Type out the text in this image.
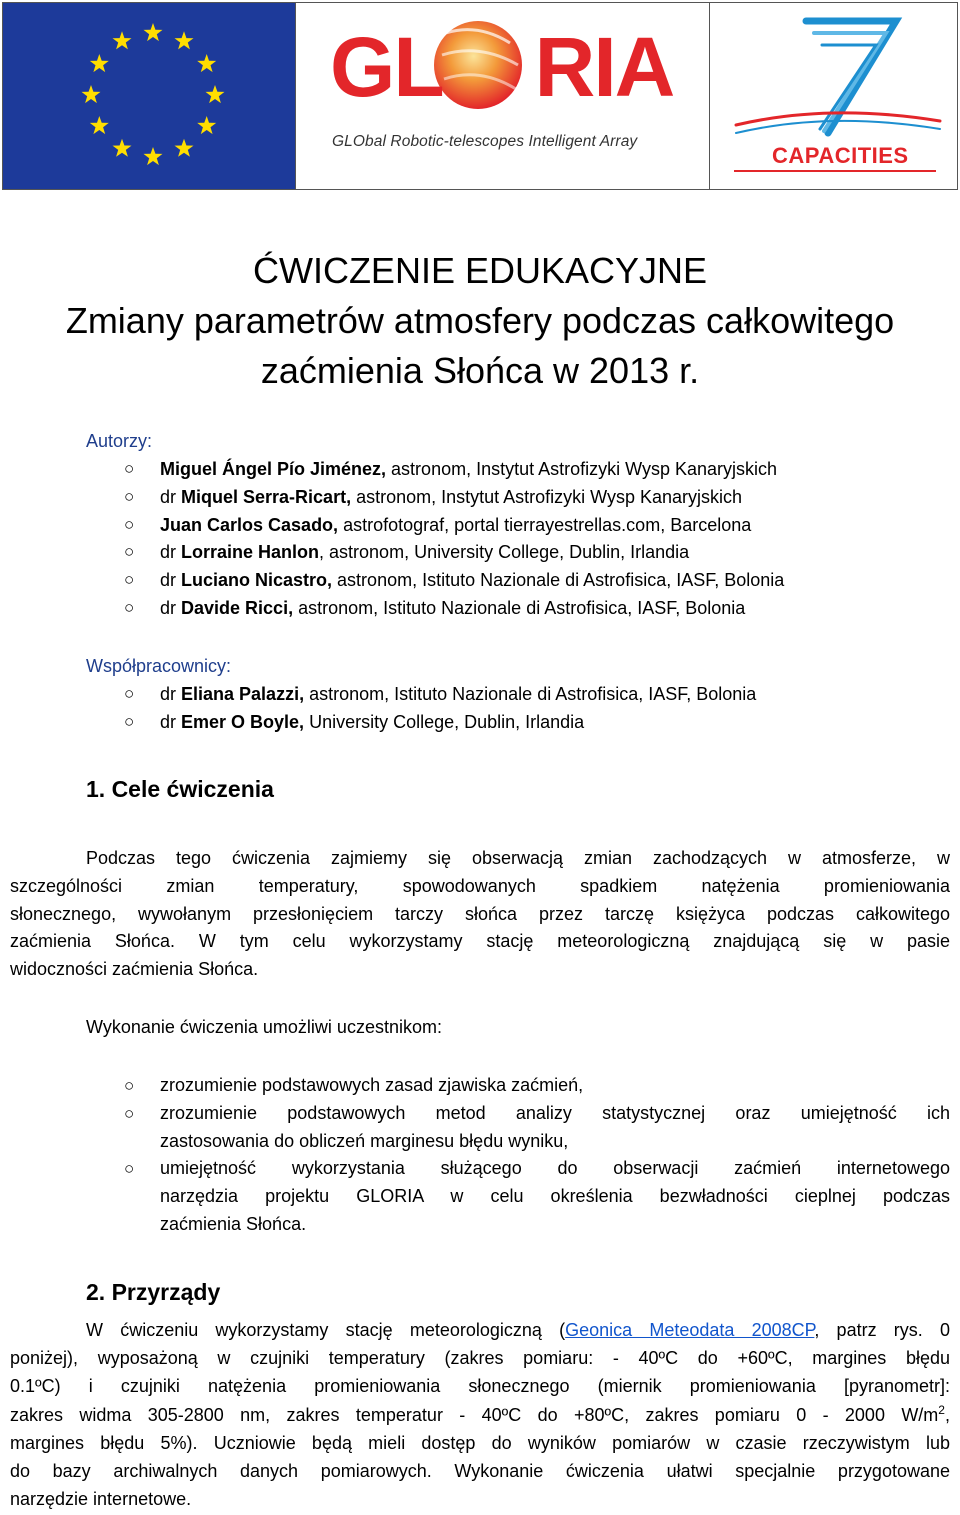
GL RIA
GLObal Robotic-telescopes Intelligent Array
CAPACITIES
ĆWICZENIE EDUKACYJNE
Zmiany parametrów atmosfery podczas całkowitego
zaćmienia Słońca w 2013 r.
Autorzy:
○ Miguel Ángel Pío Jiménez, astronom, Instytut Astrofizyki Wysp Kanaryjskich
○ dr Miquel Serra-Ricart, astronom, Instytut Astrofizyki Wysp Kanaryjskich
○ Juan Carlos Casado, astrofotograf, portal tierrayestrellas.com, Barcelona
○ dr Lorraine Hanlon, astronom, University College, Dublin, Irlandia
○ dr Luciano Nicastro, astronom, Istituto Nazionale di Astrofisica, IASF, Bolonia
○ dr Davide Ricci, astronom, Istituto Nazionale di Astrofisica, IASF, Bolonia
Współpracownicy:
○ dr Eliana Palazzi, astronom, Istituto Nazionale di Astrofisica, IASF, Bolonia
○ dr Emer O Boyle, University College, Dublin, Irlandia
1. Cele ćwiczenia
Podczas tego ćwiczenia zajmiemy się obserwacją zmian zachodzących w atmosferze, w
szczególności zmian temperatury, spowodowanych spadkiem natężenia promieniowania
słonecznego, wywołanym przesłonięciem tarczy słońca przez tarczę księżyca podczas całkowitego
zaćmienia Słońca. W tym celu wykorzystamy stację meteorologiczną znajdującą się w pasie
widoczności zaćmienia Słońca.
Wykonanie ćwiczenia umożliwi uczestnikom:
○ zrozumienie podstawowych zasad zjawiska zaćmień,
○ zrozumienie podstawowych metod analizy statystycznej oraz umiejętność ich
zastosowania do obliczeń marginesu błędu wyniku,
○ umiejętność wykorzystania służącego do obserwacji zaćmień internetowego
narzędzia projektu GLORIA w celu określenia bezwładności cieplnej podczas
zaćmienia Słońca.
2. Przyrządy
W ćwiczeniu wykorzystamy stację meteorologiczną (Geonica Meteodata 2008CP, patrz rys. 0
poniżej), wyposażoną w czujniki temperatury (zakres pomiaru: - 40ºC do +60ºC, margines błędu
0.1ºC) i czujniki natężenia promieniowania słonecznego (miernik promieniowania [pyranometr]:
zakres widma 305-2800 nm, zakres temperatur - 40ºC do +80ºC, zakres pomiaru 0 - 2000 $W/m^2$,
margines błędu 5%). Uczniowie będą mieli dostęp do wyników pomiarów w czasie rzeczywistym lub
do bazy archiwalnych danych pomiarowych. Wykonanie ćwiczenia ułatwi specjalnie przygotowane
narzędzie internetowe.
